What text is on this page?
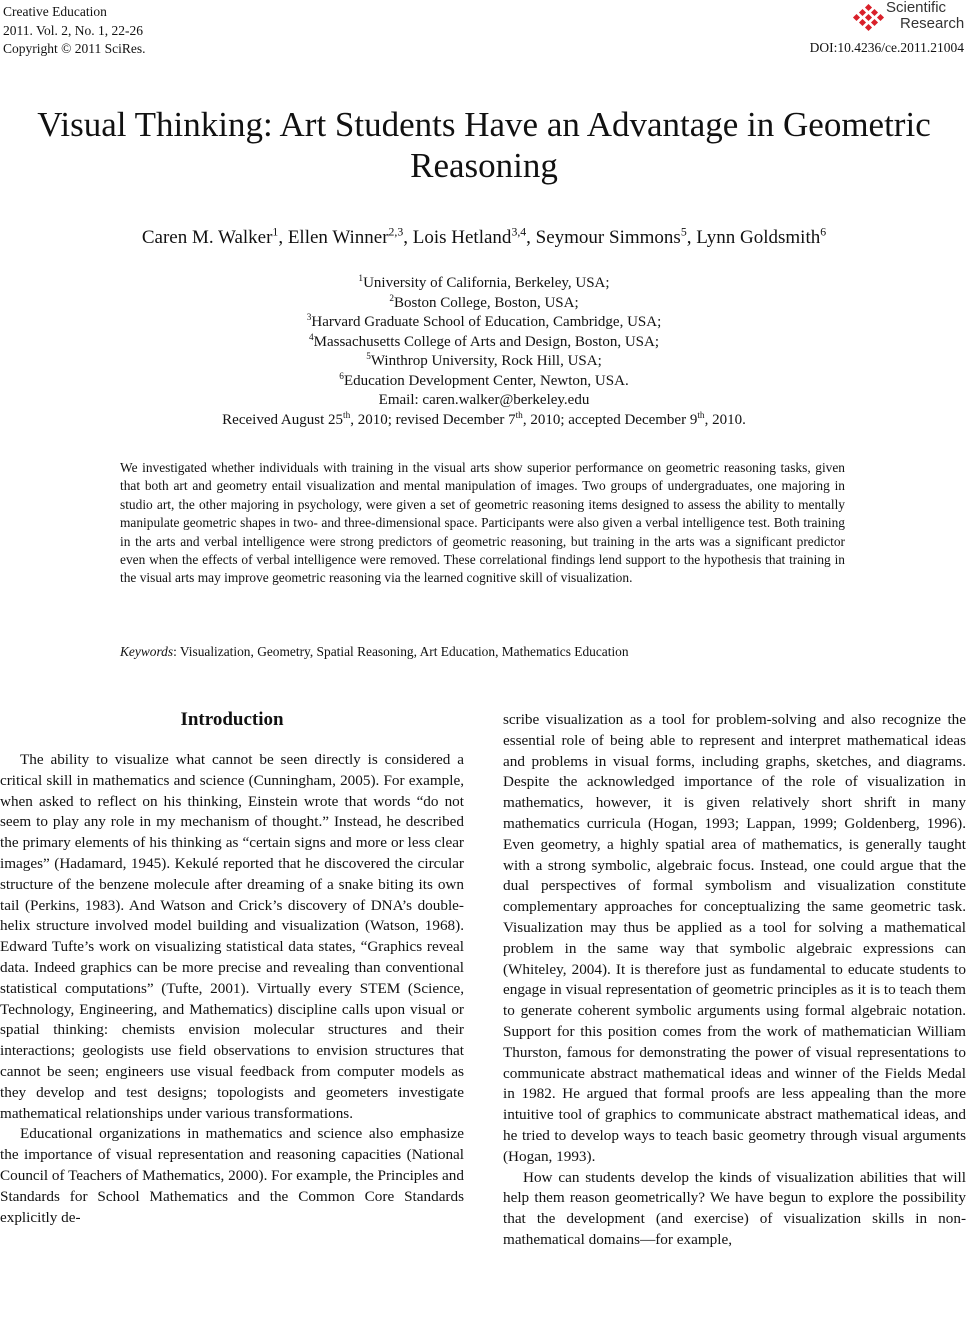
Creative Education
2011. Vol. 2, No. 1, 22-26
Copyright © 2011 SciRes.
Scientific
Research
DOI:10.4236/ce.2011.21004
Visual Thinking: Art Students Have an Advantage in Geometric Reasoning
Caren M. Walker$^1$, Ellen Winner$^{2,3}$, Lois Hetland$^{3,4}$, Seymour Simmons$^5$, Lynn Goldsmith$^6$
$^1$University of California, Berkeley, USA;
$^2$Boston College, Boston, USA;
$^3$Harvard Graduate School of Education, Cambridge, USA;
$^4$Massachusetts College of Arts and Design, Boston, USA;
$^5$Winthrop University, Rock Hill, USA;
$^6$Education Development Center, Newton, USA.
Email: caren.walker@berkeley.edu
Received August 25th, 2010; revised December 7th, 2010; accepted December 9th, 2010.
We investigated whether individuals with training in the visual arts show superior performance on geometric reasoning tasks, given that both art and geometry entail visualization and mental manipulation of images. Two groups of undergraduates, one majoring in studio art, the other majoring in psychology, were given a set of geometric reasoning items designed to assess the ability to mentally manipulate geometric shapes in two- and three-dimensional space. Participants were also given a verbal intelligence test. Both training in the arts and verbal intelligence were strong predictors of geometric reasoning, but training in the arts was a significant predictor even when the effects of verbal intelligence were removed. These correlational findings lend support to the hypothesis that training in the visual arts may improve geometric reasoning via the learned cognitive skill of visualization.
Keywords: Visualization, Geometry, Spatial Reasoning, Art Education, Mathematics Education
Introduction

The ability to visualize what cannot be seen directly is considered a critical skill in mathematics and science (Cunningham, 2005). For example, when asked to reflect on his thinking, Einstein wrote that words “do not seem to play any role in my mechanism of thought.” Instead, he described the primary elements of his thinking as “certain signs and more or less clear images” (Hadamard, 1945). Kekulé reported that he discovered the circular structure of the benzene molecule after dreaming of a snake biting its own tail (Perkins, 1983). And Watson and Crick’s discovery of DNA’s double-helix structure involved model building and visualization (Watson, 1968). Edward Tufte’s work on visualizing statistical data states, “Graphics reveal data. Indeed graphics can be more precise and revealing than conventional statistical computations” (Tufte, 2001). Virtually every STEM (Science, Technology, Engineering, and Mathematics) discipline calls upon visual or spatial thinking: chemists envision molecular structures and their interactions; geologists use field observations to envision structures that cannot be seen; engineers use visual feedback from computer models as they develop and test designs; topologists and geometers investigate mathematical relationships under various transformations.

Educational organizations in mathematics and science also emphasize the importance of visual representation and reasoning capacities (National Council of Teachers of Mathematics, 2000). For example, the Principles and Standards for School Mathematics and the Common Core Standards explicitly de-

scribe visualization as a tool for problem-solving and also recognize the essential role of being able to represent and interpret mathematical ideas and problems in visual forms, including graphs, sketches, and diagrams. Despite the acknowledged importance of the role of visualization in mathematics, however, it is given relatively short shrift in many mathematics curricula (Hogan, 1993; Lappan, 1999; Goldenberg, 1996). Even geometry, a highly spatial area of mathematics, is generally taught with a strong symbolic, algebraic focus. Instead, one could argue that the dual perspectives of formal symbolism and visualization constitute complementary approaches for conceptualizing the same geometric task. Visualization may thus be applied as a tool for solving a mathematical problem in the same way that symbolic algebraic expressions can (Whiteley, 2004). It is therefore just as fundamental to educate students to engage in visual representation of geometric principles as it is to teach them to generate coherent symbolic arguments using formal algebraic notation. Support for this position comes from the work of mathematician William Thurston, famous for demonstrating the power of visual representations to communicate abstract mathematical ideas and winner of the Fields Medal in 1982. He argued that formal proofs are less appealing than the more intuitive tool of graphics to communicate abstract mathematical ideas, and he tried to develop ways to teach basic geometry through visual arguments (Hogan, 1993).

How can students develop the kinds of visualization abilities that will help them reason geometrically? We have begun to explore the possibility that the development (and exercise) of visualization skills in non-mathematical domains—for example,
